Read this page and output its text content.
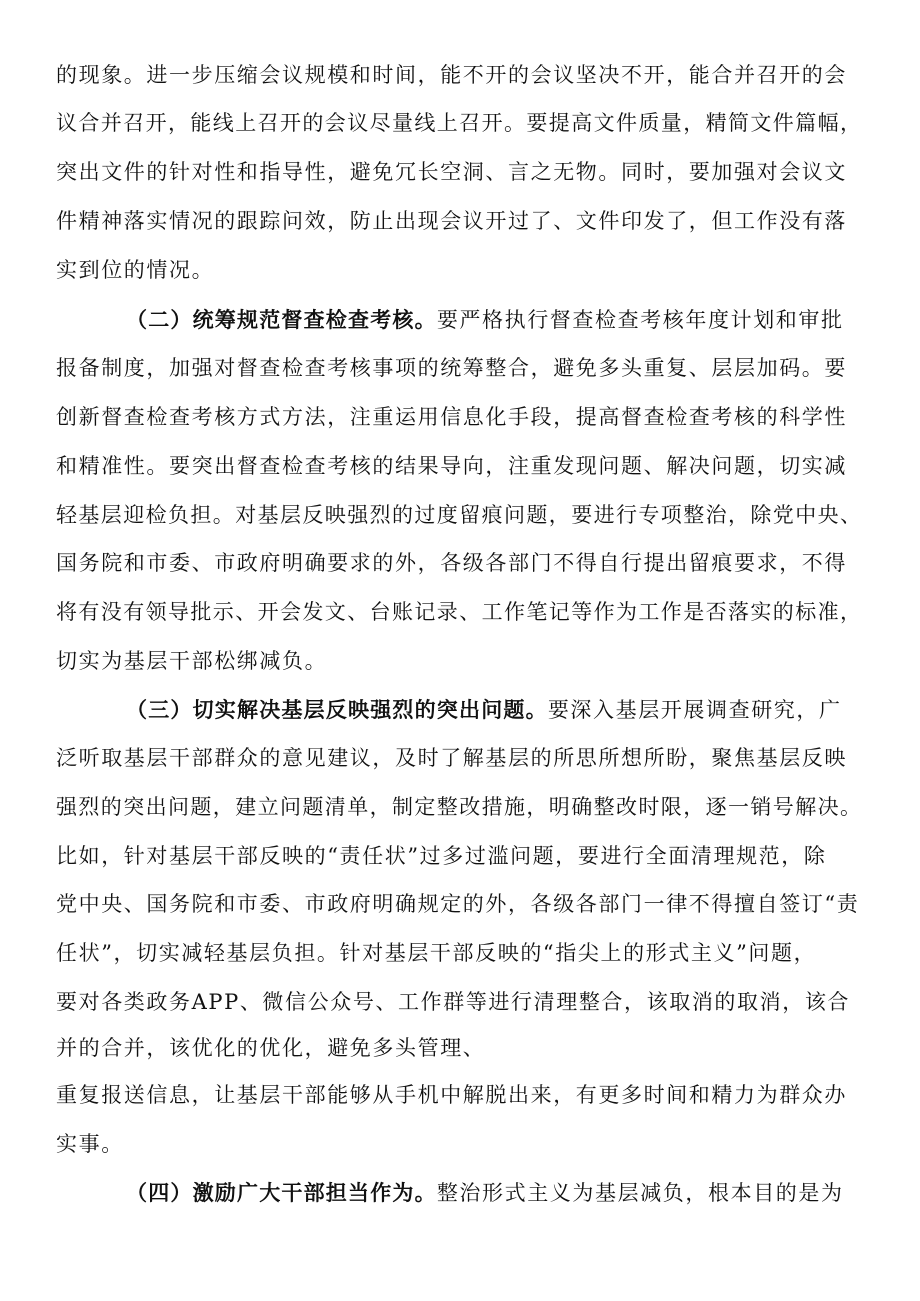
的现象。进一步压缩会议规模和时间，能不开的会议坚决不开，能合并召开的会
议合并召开，能线上召开的会议尽量线上召开。要提高文件质量，精简文件篇幅，
突出文件的针对性和指导性，避免冗长空洞、言之无物。同时，要加强对会议文
件精神落实情况的跟踪问效，防止出现会议开过了、文件印发了，但工作没有落
实到位的情况。
（二）统筹规范督查检查考核。要严格执行督查检查考核年度计划和审批
报备制度，加强对督查检查考核事项的统筹整合，避免多头重复、层层加码。要
创新督查检查考核方式方法，注重运用信息化手段，提高督查检查考核的科学性
和精准性。要突出督查检查考核的结果导向，注重发现问题、解决问题，切实减
轻基层迎检负担。对基层反映强烈的过度留痕问题，要进行专项整治，除党中央、
国务院和市委、市政府明确要求的外，各级各部门不得自行提出留痕要求，不得
将有没有领导批示、开会发文、台账记录、工作笔记等作为工作是否落实的标准，
切实为基层干部松绑减负。
（三）切实解决基层反映强烈的突出问题。要深入基层开展调查研究，广
泛听取基层干部群众的意见建议，及时了解基层的所思所想所盼，聚焦基层反映
强烈的突出问题，建立问题清单，制定整改措施，明确整改时限，逐一销号解决。
比如，针对基层干部反映的“责任状”过多过滥问题，要进行全面清理规范，除
党中央、国务院和市委、市政府明确规定的外，各级各部门一律不得擅自签订“责
任状”，切实减轻基层负担。针对基层干部反映的“指尖上的形式主义”问题，
要对各类政务APP、微信公众号、工作群等进行清理整合，该取消的取消，该合
并的合并，该优化的优化，避免多头管理、
重复报送信息，让基层干部能够从手机中解脱出来，有更多时间和精力为群众办
实事。
（四）激励广大干部担当作为。整治形式主义为基层减负，根本目的是为
